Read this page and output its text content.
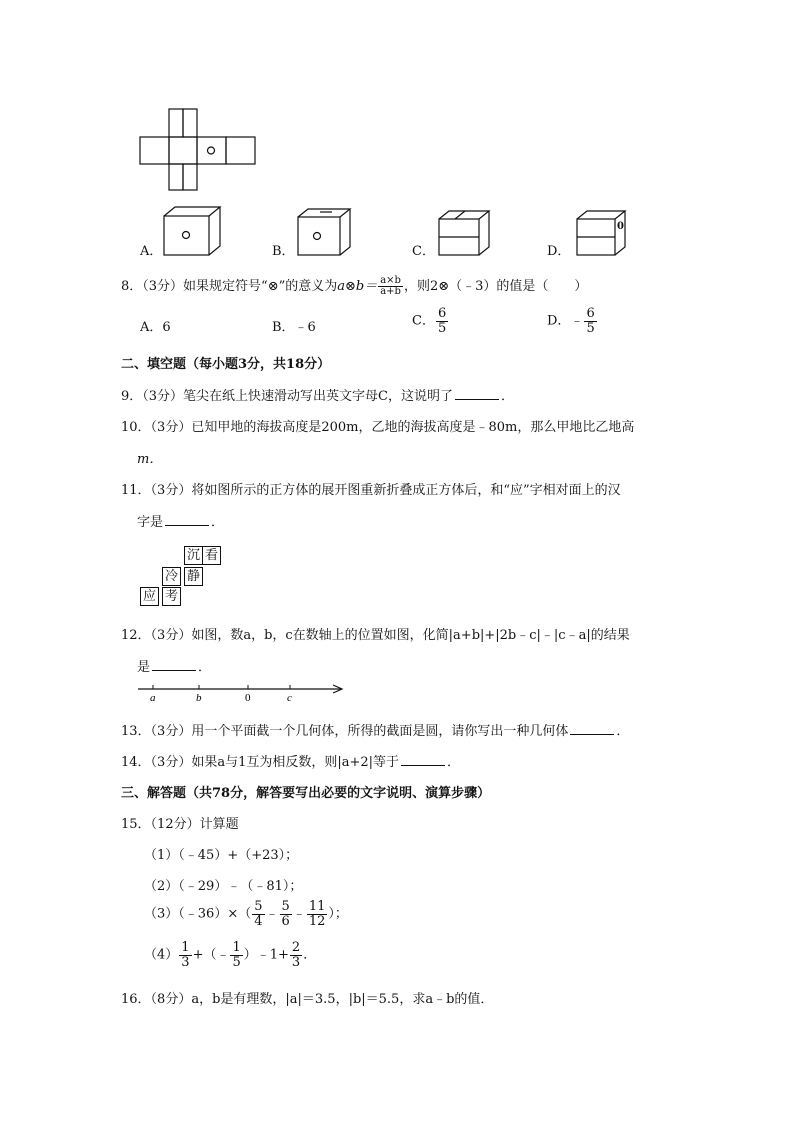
A．	B．	C．	D．
0
8．（3分）如果规定符号“⊗”的意义为a⊗b＝ $\frac{a\times b}{a+b}$ ，则2⊗（﹣3）的值是（　　）
A．6	B．﹣6	C． $\frac{6}{5}$	D．﹣ $\frac{6}{5}$
二、填空题（每小题3分，共18分）
9．（3分）笔尖在纸上快速滑动写出英文字母C，这说明了	．
10．（3分）已知甲地的海拔高度是200m，乙地的海拔高度是﹣80m，那么甲地比乙地高
m．
11．（3分）将如图所示的正方体的展开图重新折叠成正方体后，和“应”字相对面上的汉
字是	．
沉 看
冷 静
应 考
12．（3分）如图，数a，b，c在数轴上的位置如图，化简|a+b|+|2b﹣c|﹣|c﹣a|的结果
是	．
a	b	0	c
13．（3分）用一个平面截一个几何体，所得的截面是圆，请你写出一种几何体	．
14．（3分）如果a与1互为相反数，则|a+2|等于	．
三、解答题（共78分，解答要写出必要的文字说明、演算步骤）
15．（12分）计算题
（1）（﹣45）+（+23）；
（2）（﹣29）﹣（﹣81）；
（3）（﹣36）×（ $\frac{5}{4}$ ﹣ $\frac{5}{6}$ ﹣ $\frac{11}{12}$ ）；
$(4) \frac{1}{3}$ +（﹣ $\frac{1}{5}$ ）﹣1+ $\frac{2}{3}$ ．
16．（8分）a，b是有理数，|a|＝3.5，|b|＝5.5，求a﹣b的值．
